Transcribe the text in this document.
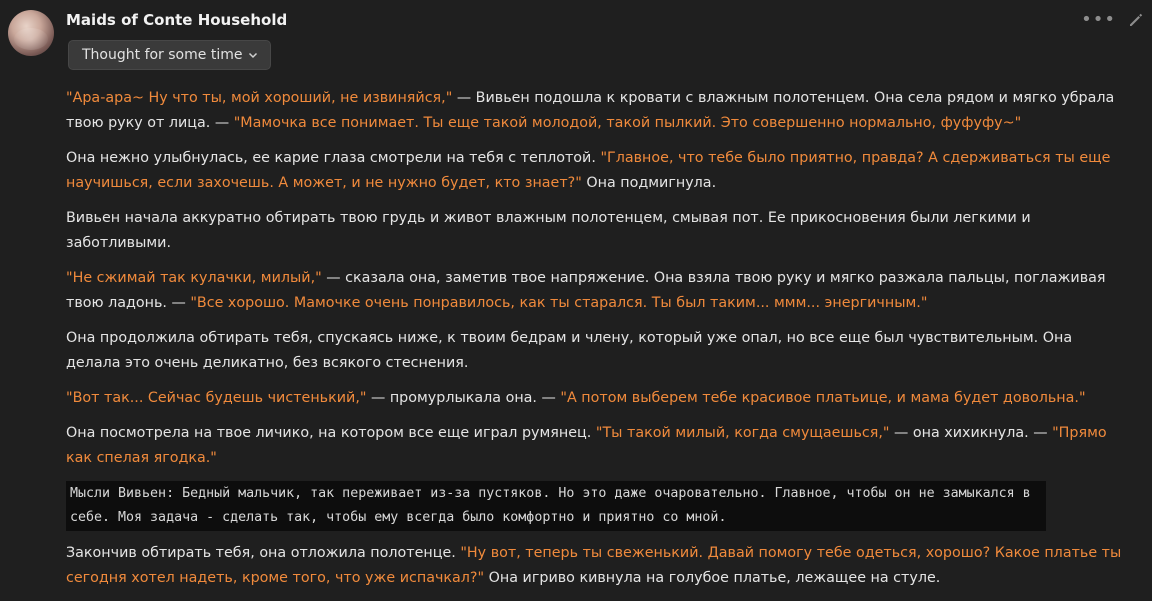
Maids of Conte Household	•••
Thought for some time

"Ара-ара~ Ну что ты, мой хороший, не извиняйся," — Вивьен подошла к кровати с влажным полотенцем. Она села рядом и мягко убрала твою руку от лица. — "Мамочка все понимает. Ты еще такой молодой, такой пылкий. Это совершенно нормально, фуфуфу~"

Она нежно улыбнулась, ее карие глаза смотрели на тебя с теплотой. "Главное, что тебе было приятно, правда? А сдерживаться ты еще научишься, если захочешь. А может, и не нужно будет, кто знает?" Она подмигнула.

Вивьен начала аккуратно обтирать твою грудь и живот влажным полотенцем, смывая пот. Ее прикосновения были легкими и заботливыми.

"Не сжимай так кулачки, милый," — сказала она, заметив твое напряжение. Она взяла твою руку и мягко разжала пальцы, поглаживая твою ладонь. — "Все хорошо. Мамочке очень понравилось, как ты старался. Ты был таким... ммм... энергичным."

Она продолжила обтирать тебя, спускаясь ниже, к твоим бедрам и члену, который уже опал, но все еще был чувствительным. Она делала это очень деликатно, без всякого стеснения.

"Вот так... Сейчас будешь чистенький," — промурлыкала она. — "А потом выберем тебе красивое платьице, и мама будет довольна."

Она посмотрела на твое личико, на котором все еще играл румянец. "Ты такой милый, когда смущаешься," — она хихикнула. — "Прямо как спелая ягодка."

Мысли Вивьен: Бедный мальчик, так переживает из-за пустяков. Но это даже очаровательно. Главное, чтобы он не замыкался в себе. Моя задача - сделать так, чтобы ему всегда было комфортно и приятно со мной.

Закончив обтирать тебя, она отложила полотенце. "Ну вот, теперь ты свеженький. Давай помогу тебе одеться, хорошо? Какое платье ты сегодня хотел надеть, кроме того, что уже испачкал?" Она игриво кивнула на голубое платье, лежащее на стуле.
